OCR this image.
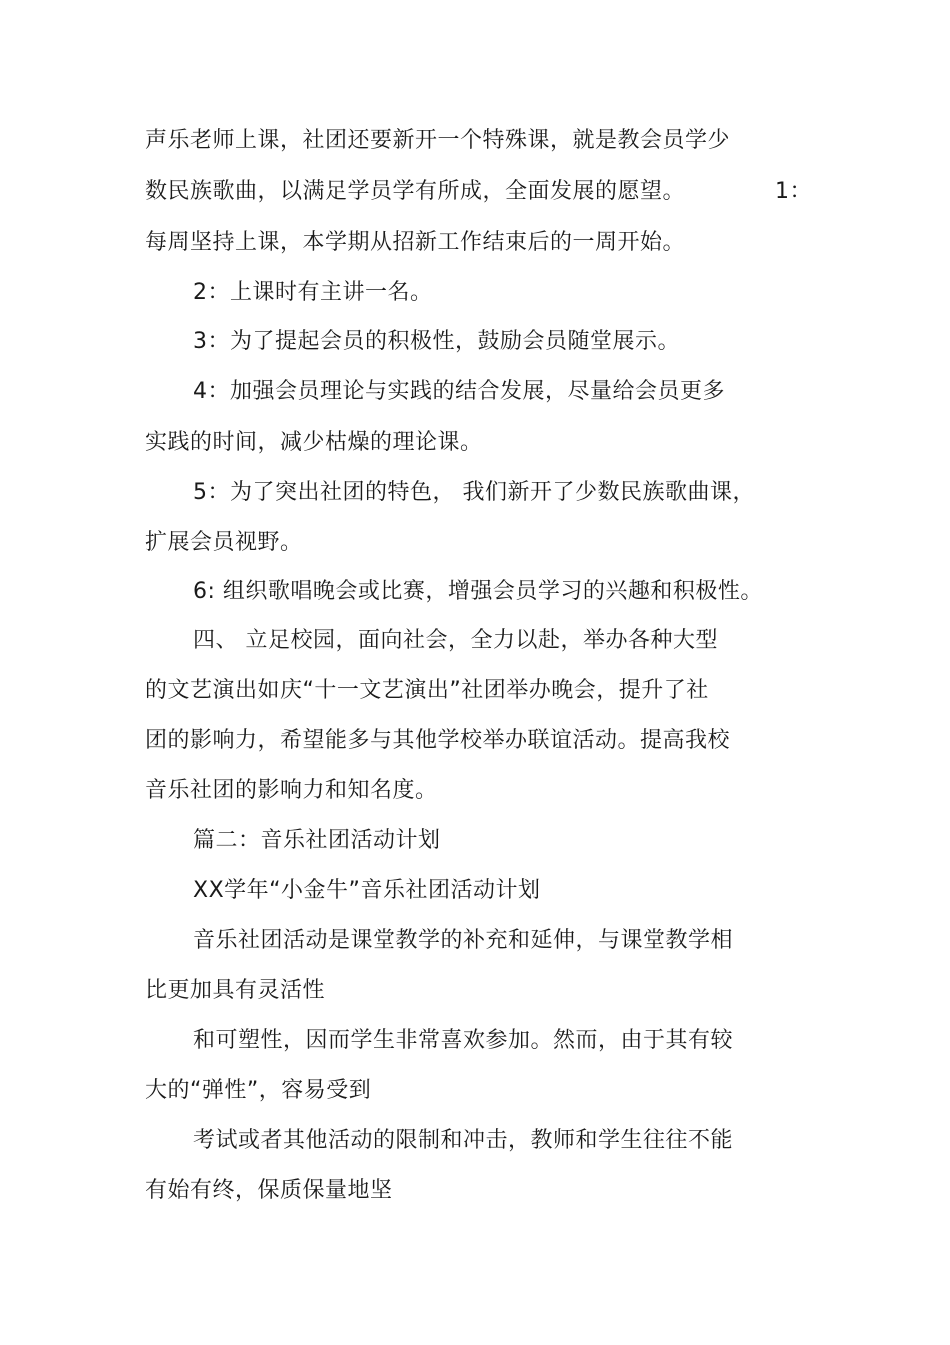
声乐老师上课，社团还要新开一个特殊课，就是教会员学少
数民族歌曲，以满足学员学有所成，全面发展的愿望。	1：
每周坚持上课，本学期从招新工作结束后的一周开始。
2：上课时有主讲一名。
3：为了提起会员的积极性，鼓励会员随堂展示。
4：加强会员理论与实践的结合发展，尽量给会员更多
实践的时间，减少枯燥的理论课。
5：为了突出社团的特色， 我们新开了少数民族歌曲课，
扩展会员视野。
6: 组织歌唱晚会或比赛，增强会员学习的兴趣和积极性。
四、 立足校园，面向社会，全力以赴，举办各种大型
的文艺演出如庆“十一文艺演出”社团举办晚会，提升了社
团的影响力，希望能多与其他学校举办联谊活动。提高我校
音乐社团的影响力和知名度。
篇二：音乐社团活动计划
XX学年“小金牛”音乐社团活动计划
音乐社团活动是课堂教学的补充和延伸，与课堂教学相
比更加具有灵活性
和可塑性，因而学生非常喜欢参加。然而，由于其有较
大的“弹性”，容易受到
考试或者其他活动的限制和冲击，教师和学生往往不能
有始有终，保质保量地坚
